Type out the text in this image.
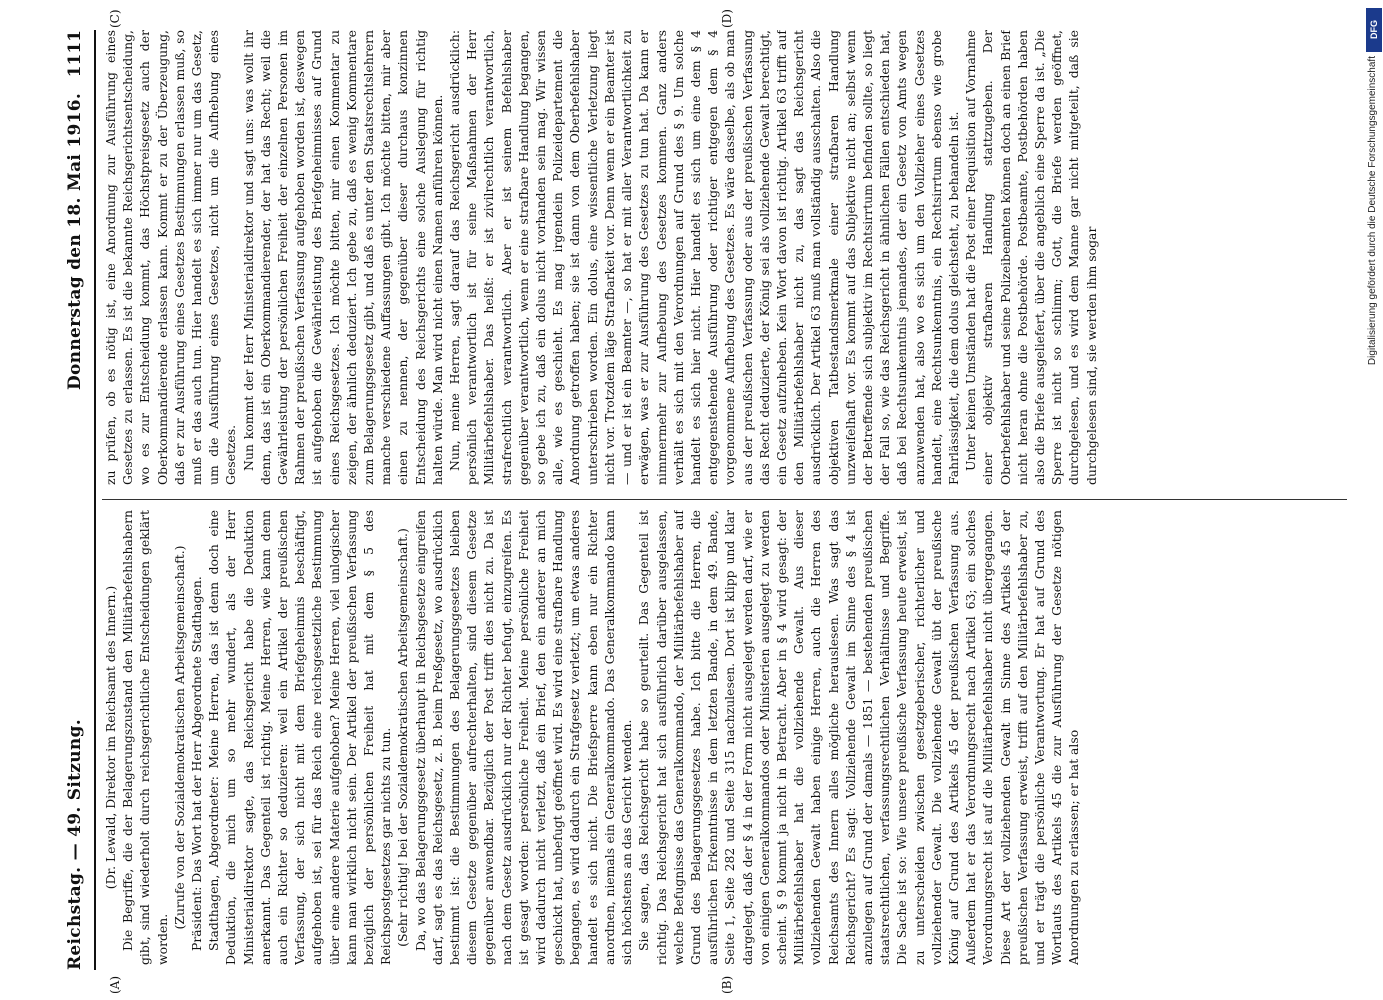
Reichstag. — 49. Sitzung.
Donnerstag den 18. Mai 1916.
1111
(A)	(B)
(C)	(D)

(Dr. Lewald, Direktor im Reichsamt des Innern.) Die Begriffe, die der Belagerungszustand den Militärbefehlshabern gibt, sind wiederholt durch reichsgerichtliche Entscheidungen geklärt worden.

(Zurufe von der Sozialdemokratischen Arbeitsgemeinschaft.) Präsident: Das Wort hat der Herr Abgeordnete Stadthagen. Stadthagen, Abgeordneter: Meine Herren, das ist denn doch eine Deduktion, die mich um so mehr wundert, als der Herr Ministerialdirektor sagte, das Reichsgericht habe die Deduktion anerkannt. Das Gegenteil ist richtig. Meine Herren, wie kann denn auch ein Richter so deduzieren: weil ein Artikel der preußischen Verfassung, der sich nicht mit dem Briefgeheimnis beschäftigt, aufgehoben ist, sei für das Reich eine reichsgesetzliche Bestimmung über eine andere Materie aufgehoben? Meine Herren, viel unlogischer kann man wirklich nicht sein. Der Artikel der preußischen Verfassung bezüglich der persönlichen Freiheit hat mit dem § 5 des Reichspostgesetzes gar nichts zu tun. (Sehr richtig! bei der Sozialdemokratischen Arbeitsgemeinschaft.) Da, wo das Belagerungsgesetz überhaupt in Reichsgesetze eingreifen darf, sagt es das Reichsgesetz, z. B. beim Preßgesetz, wo ausdrücklich bestimmt ist: die Bestimmungen des Belagerungsgesetzes bleiben diesem Gesetze gegenüber aufrechterhalten, sind diesem Gesetze gegenüber anwendbar. Bezüglich der Post trifft dies nicht zu. Da ist nach dem Gesetz ausdrücklich nur der Richter befugt, einzugreifen. Es ist gesagt worden: persönliche Freiheit. Meine persönliche Freiheit wird dadurch nicht verletzt, daß ein Brief, den ein anderer an mich geschickt hat, unbefugt geöffnet wird. Es wird eine strafbare Handlung begangen, es wird dadurch ein Strafgesetz verletzt; um etwas anderes handelt es sich nicht. Die Briefsperre kann eben nur ein Richter anordnen, niemals ein Generalkommando. Das Generalkommando kann sich höchstens an das Gericht wenden. Sie sagen, das Reichsgericht habe so geurteilt. Das Gegenteil ist richtig. Das Reichsgericht hat sich ausführlich darüber ausgelassen, welche Befugnisse das Generalkommando, der Militärbefehlshaber auf Grund des Belagerungsgesetzes habe. Ich bitte die Herren, die ausführlichen Erkenntnisse in dem letzten Bande, in dem 49. Bande, Seite 1, Seite 282 und Seite 315 nachzulesen. Dort ist klipp und klar dargelegt, daß der § 4 in der Form nicht ausgelegt werden darf, wie er von einigen Generalkommandos oder Ministerien ausgelegt zu werden scheint. § 9 kommt ja nicht in Betracht. Aber in § 4 wird gesagt: der Militärbefehlshaber hat die vollziehende Gewalt. Aus dieser vollziehenden Gewalt haben einige Herren, auch die Herren des Reichsamts des Innern alles mögliche herauslesen. Was sagt das Reichsgericht? Es sagt: Vollziehende Gewalt im Sinne des § 4 ist anzulegen auf Grund der damals — 1851 — bestehenden preußischen staatsrechtlichen, verfassungsrechtlichen Verhältnisse und Begriffe. Die Sache ist so: Wie unsere preußische Verfassung heute erweist, ist zu unterscheiden zwischen gesetzgeberischer, richterlicher und vollziehender Gewalt. Die vollziehende Gewalt übt der preußische König auf Grund des Artikels 45 der preußischen Verfassung aus. Außerdem hat er das Verordnungsrecht nach Artikel 63; ein solches Verordnungsrecht ist auf die Militärbefehlshaber nicht übergegangen. Diese Art der vollziehenden Gewalt im Sinne des Artikels 45 der preußischen Verfassung erweist, trifft auf den Militärbefehlshaber zu, und er trägt die persönliche Verantwortung. Er hat auf Grund des Wortlauts des Artikels 45 die zur Ausführung der Gesetze nötigen Anordnungen zu erlassen; er hat also

zu prüfen, ob es nötig ist, eine Anordnung zur Ausführung eines Gesetzes zu erlassen. Es ist die bekannte Reichsgerichtsentscheidung, wo es zur Entscheidung kommt, das Höchstpreisgesetz auch der Oberkommandierende erlassen kann. Kommt er zu der Überzeugung, daß er zur Ausführung eines Gesetzes Bestimmungen erlassen muß, so muß er das auch tun. Hier handelt es sich immer nur um das Gesetz, um die Ausführung eines Gesetzes, nicht um die Aufhebung eines Gesetzes. Nun kommt der Herr Ministerialdirektor und sagt uns: was wollt ihr denn, das ist ein Oberkommandierender, der hat das Recht; weil die Gewährleistung der persönlichen Freiheit der einzelnen Personen im Rahmen der preußischen Verfassung aufgehoben worden ist, deswegen ist aufgehoben die Gewährleistung des Briefgeheimnisses auf Grund eines Reichsgesetzes. Ich möchte bitten, mir einen Kommentar zu zeigen, der ähnlich deduziert. Ich gebe zu, daß es wenig Kommentare zum Belagerungsgesetz gibt, und daß es unter den Staatsrechtslehrern manche verschiedene Auffassungen gibt. Ich möchte bitten, mir aber einen zu nennen, der gegenüber dieser durchaus konzinnen Entscheidung des Reichsgerichts eine solche Auslegung für richtig halten würde. Man wird nicht einen Namen anführen können. Nun, meine Herren, sagt darauf das Reichsgericht ausdrücklich: persönlich verantwortlich ist für seine Maßnahmen der Herr Militärbefehlshaber. Das heißt: er ist zivilrechtlich verantwortlich, strafrechtlich verantwortlich. Aber er ist seinem Befehlshaber gegenüber verantwortlich, wenn er eine strafbare Handlung begangen, so gebe ich zu, daß ein dolus nicht vorhanden sein mag. Wir wissen alle, wie es geschieht. Es mag irgendein Polizeidepartement die Anordnung getroffen haben; sie ist dann von dem Oberbefehlshaber unterschrieben worden. Ein dolus, eine wissentliche Verletzung liegt nicht vor. Trotzdem läge Strafbarkeit vor. Denn wenn er ein Beamter ist — und er ist ein Beamter —, so hat er mit aller Verantwortlichkeit zu erwägen, was er zur Ausführung des Gesetzes zu tun hat. Da kann er nimmermehr zur Aufhebung des Gesetzes kommen. Ganz anders verhält es sich mit den Verordnungen auf Grund des § 9. Um solche handelt es sich hier nicht. Hier handelt es sich um eine dem § 4 entgegenstehende Ausführung oder richtiger entgegen dem § 4 vorgenommene Aufhebung des Gesetzes. Es wäre dasselbe, als ob man aus der preußischen Verfassung oder aus der preußischen Verfassung das Recht deduzierte, der König sei als vollziehende Gewalt berechtigt, ein Gesetz aufzuheben. Kein Wort davon ist richtig. Artikel 63 trifft auf den Militärbefehlshaber nicht zu, das sagt das Reichsgericht ausdrücklich. Der Artikel 63 muß man vollständig ausschalten. Also die objektiven Tatbestandsmerkmale einer strafbaren Handlung unzweifelhaft vor. Es kommt auf das Subjektive nicht an; selbst wenn der Betreffende sich subjektiv im Rechtsirrtum befinden sollte, so liegt der Fall so, wie das Reichsgericht in ähnlichen Fällen entschieden hat, daß bei Rechtsunkenntnis jemandes, der ein Gesetz von Amts wegen anzuwenden hat, also wo es sich um den Vollzieher eines Gesetzes handelt, eine Rechtsunkenntnis, ein Rechtsirrtum ebenso wie grobe Fahrlässigkeit, die dem dolus gleichsteht, zu behandeln ist. Unter keinen Umständen hat die Post einer Requisition auf Vornahme einer objektiv strafbaren Handlung stattzugeben. Der Oberbefehlshaber und seine Polizeibeamten können doch an einen Brief nicht heran ohne die Postbehörde. Postbeamte, Postbehörden haben also die Briefe ausgeliefert, über die angeblich eine Sperre da ist. „Die Sperre ist nicht so schlimm; Gott, die Briefe werden geöffnet, durchgelesen, und es wird dem Manne gar nicht mitgeteilt, daß sie durchgelesen sind, sie werden ihm sogar

DFG
Digitalisierung gefördert durch die Deutsche Forschungsgemeinschaft
